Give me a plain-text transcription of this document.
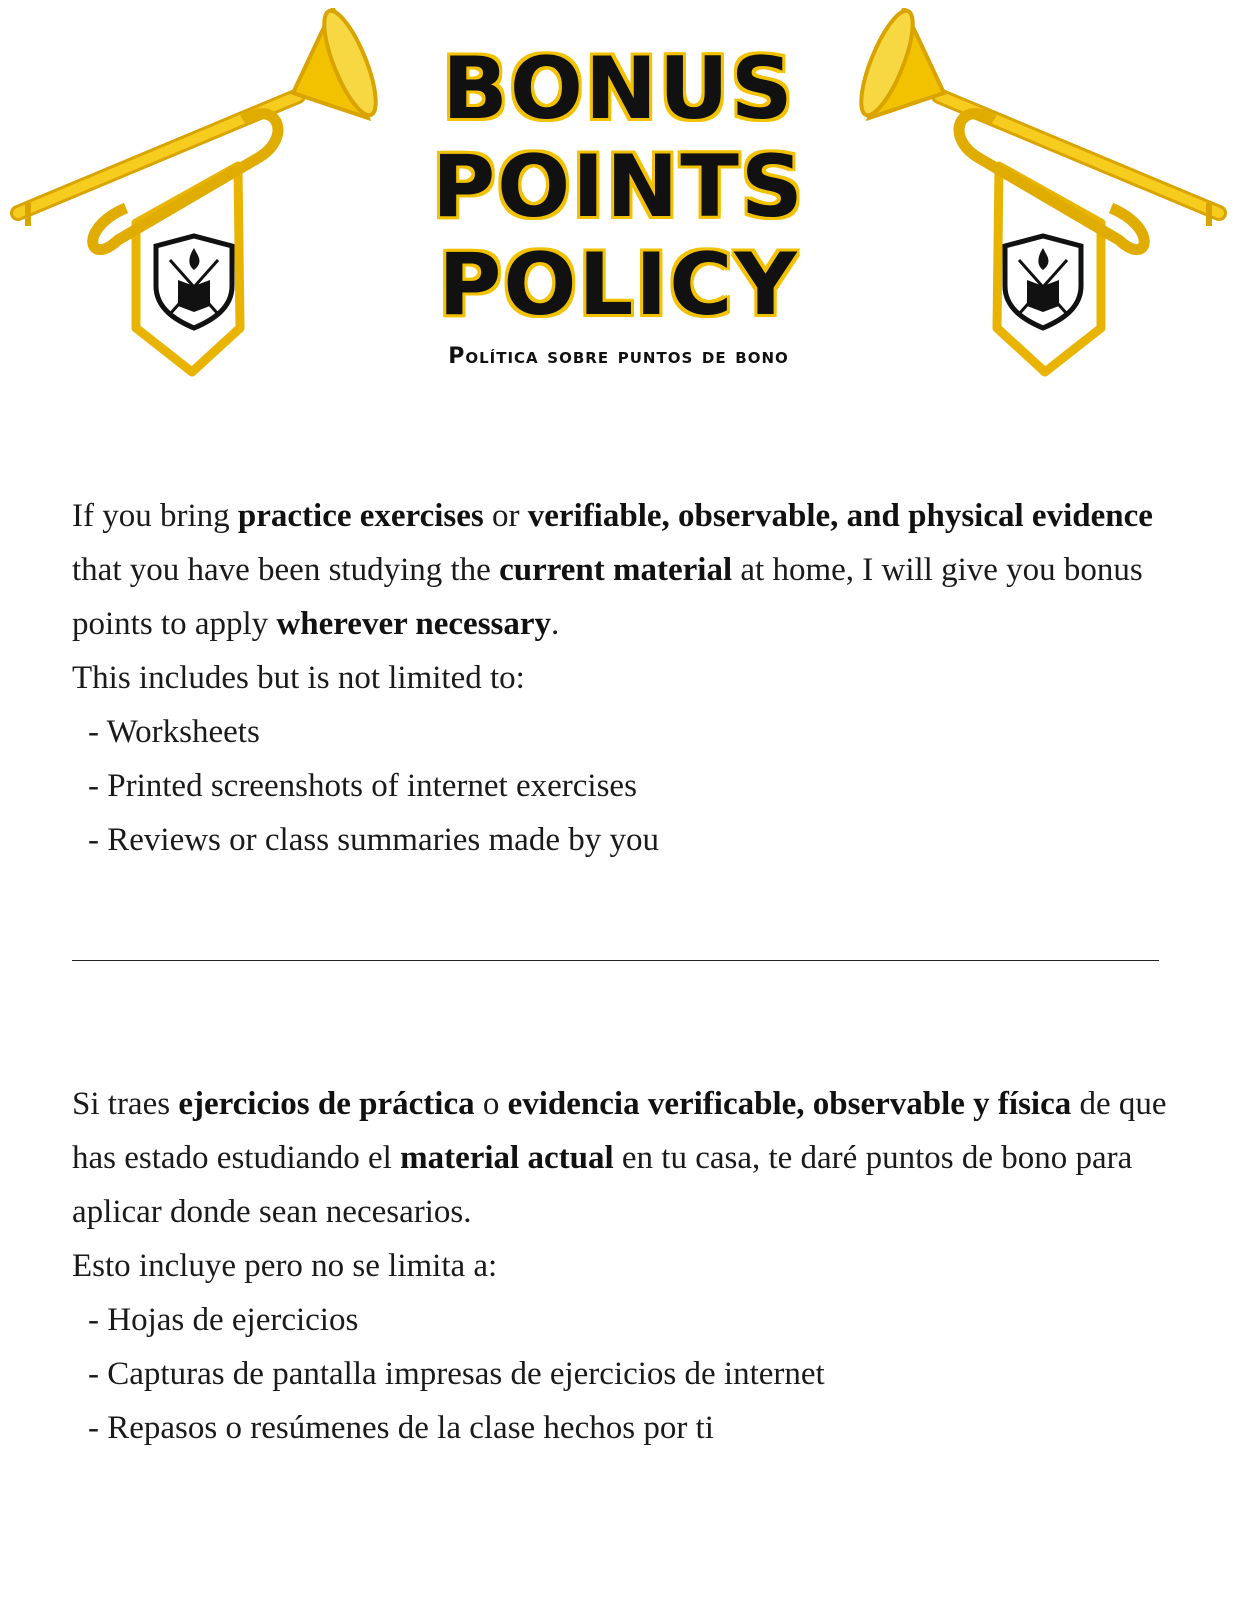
BONUS
POINTS
POLICY

Política sobre puntos de bono

If you bring practice exercises or verifiable, observable, and physical evidence that you have been studying the current material at home, I will give you bonus points to apply wherever necessary.

This includes but is not limited to:

- Worksheets
- Printed screenshots of internet exercises
- Reviews or class summaries made by you

Si traes ejercicios de práctica o evidencia verificable, observable y física de que has estado estudiando el material actual en tu casa, te daré puntos de bono para aplicar donde sean necesarios.

Esto incluye pero no se limita a:

- Hojas de ejercicios
- Capturas de pantalla impresas de ejercicios de internet
- Repasos o resúmenes de la clase hechos por ti
